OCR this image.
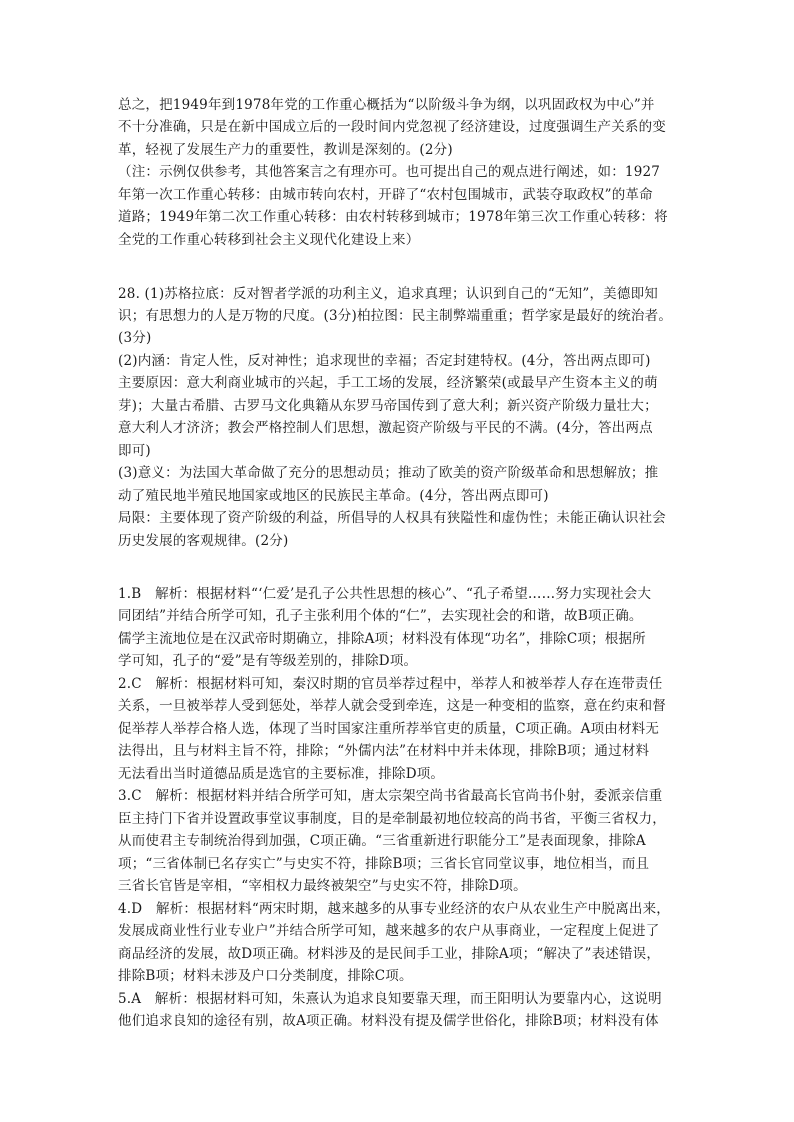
总之，把1949年到1978年党的工作重心概括为“以阶级斗争为纲，以巩固政权为中心”并
不十分准确，只是在新中国成立后的一段时间内党忽视了经济建设，过度强调生产关系的变
革，轻视了发展生产力的重要性，教训是深刻的。(2分)
（注：示例仅供参考，其他答案言之有理亦可。也可提出自己的观点进行阐述，如：1927
年第一次工作重心转移：由城市转向农村，开辟了“农村包围城市，武装夺取政权”的革命
道路；1949年第二次工作重心转移：由农村转移到城市；1978年第三次工作重心转移：将
全党的工作重心转移到社会主义现代化建设上来）
28. (1)苏格拉底：反对智者学派的功利主义，追求真理；认识到自己的“无知”，美德即知
识；有思想力的人是万物的尺度。(3分)柏拉图：民主制弊端重重；哲学家是最好的统治者。
(3分)
(2)内涵：肯定人性，反对神性；追求现世的幸福；否定封建特权。(4分，答出两点即可)
主要原因：意大利商业城市的兴起，手工工场的发展，经济繁荣(或最早产生资本主义的萌
芽)；大量古希腊、古罗马文化典籍从东罗马帝国传到了意大利；新兴资产阶级力量壮大；
意大利人才济济；教会严格控制人们思想，激起资产阶级与平民的不满。(4分，答出两点
即可)
(3)意义：为法国大革命做了充分的思想动员；推动了欧美的资产阶级革命和思想解放；推
动了殖民地半殖民地国家或地区的民族民主革命。(4分，答出两点即可)
局限：主要体现了资产阶级的利益，所倡导的人权具有狭隘性和虚伪性；未能正确认识社会
历史发展的客观规律。(2分)
1.B　解析：根据材料“‘仁爱’是孔子公共性思想的核心”、“孔子希望……努力实现社会大
同团结”并结合所学可知，孔子主张利用个体的“仁”，去实现社会的和谐，故B项正确。
儒学主流地位是在汉武帝时期确立，排除A项；材料没有体现“功名”，排除C项；根据所
学可知，孔子的“爱”是有等级差别的，排除D项。
2.C　解析：根据材料可知，秦汉时期的官员举荐过程中，举荐人和被举荐人存在连带责任
关系，一旦被举荐人受到惩处，举荐人就会受到牵连，这是一种变相的监察，意在约束和督
促举荐人举荐合格人选，体现了当时国家注重所荐举官吏的质量，C项正确。A项由材料无
法得出，且与材料主旨不符，排除；“外儒内法”在材料中并未体现，排除B项；通过材料
无法看出当时道德品质是选官的主要标准，排除D项。
3.C　解析：根据材料并结合所学可知，唐太宗架空尚书省最高长官尚书仆射，委派亲信重
臣主持门下省并设置政事堂议事制度，目的是牵制最初地位较高的尚书省，平衡三省权力，
从而使君主专制统治得到加强，C项正确。“三省重新进行职能分工”是表面现象，排除A
项；“三省体制已名存实亡”与史实不符，排除B项；三省长官同堂议事，地位相当，而且
三省长官皆是宰相，“宰相权力最终被架空”与史实不符，排除D项。
4.D　解析：根据材料“两宋时期，越来越多的从事专业经济的农户从农业生产中脱离出来，
发展成商业性行业专业户”并结合所学可知，越来越多的农户从事商业，一定程度上促进了
商品经济的发展，故D项正确。材料涉及的是民间手工业，排除A项；“解决了”表述错误，
排除B项；材料未涉及户口分类制度，排除C项。
5.A　解析：根据材料可知，朱熹认为追求良知要靠天理，而王阳明认为要靠内心，这说明
他们追求良知的途径有别，故A项正确。材料没有提及儒学世俗化，排除B项；材料没有体
